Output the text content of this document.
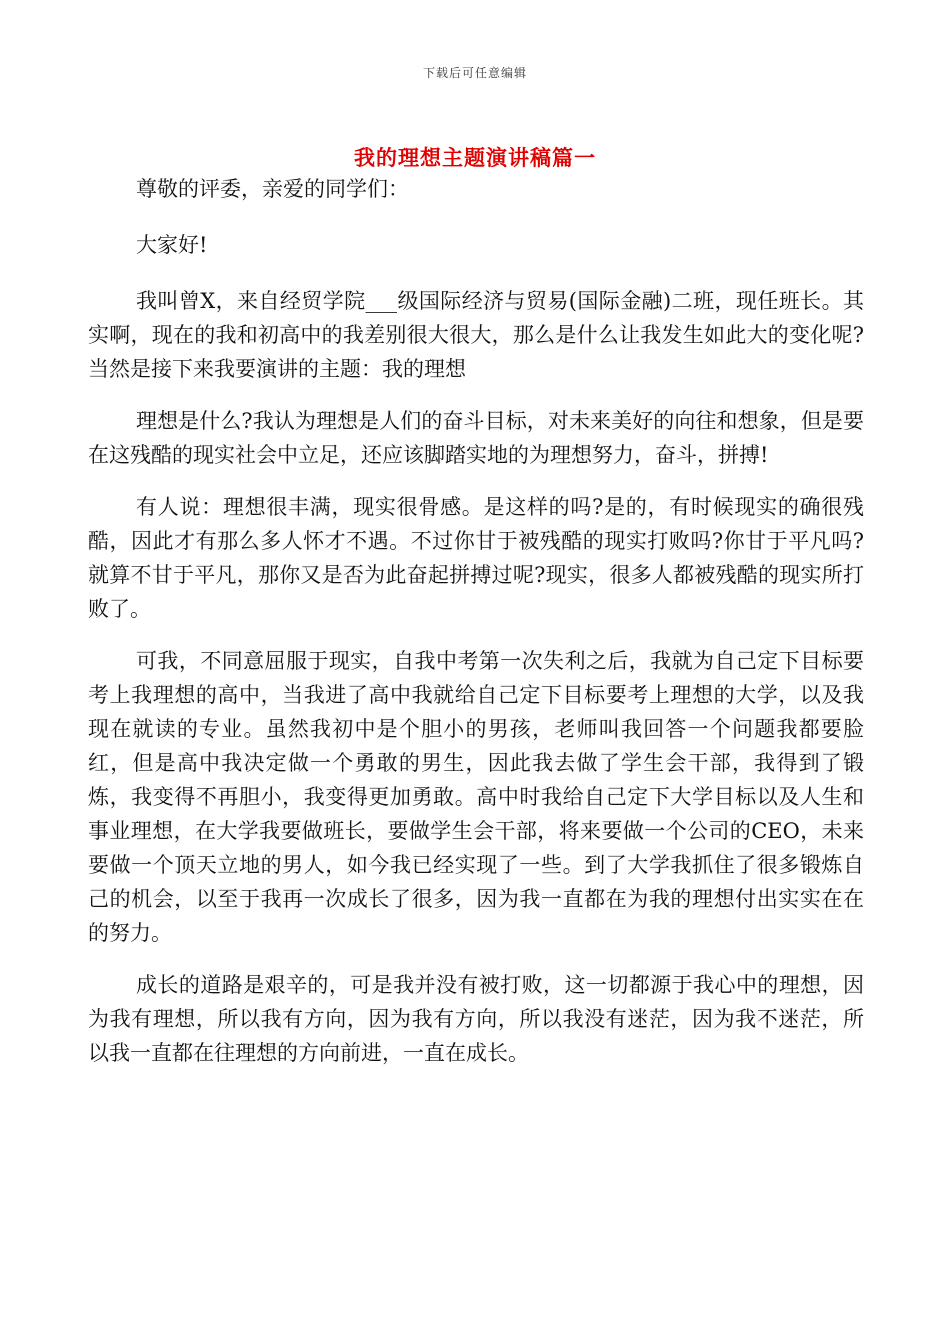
下载后可任意编辑
我的理想主题演讲稿篇一

尊敬的评委，亲爱的同学们：

大家好!

我叫曾X，来自经贸学院___级国际经济与贸易(国际金融)二班，现任班长。其实啊，现在的我和初高中的我差别很大很大，那么是什么让我发生如此大的变化呢?当然是接下来我要演讲的主题：我的理想

理想是什么?我认为理想是人们的奋斗目标，对未来美好的向往和想象，但是要在这残酷的现实社会中立足，还应该脚踏实地的为理想努力，奋斗，拼搏!

有人说：理想很丰满，现实很骨感。是这样的吗?是的，有时候现实的确很残酷，因此才有那么多人怀才不遇。不过你甘于被残酷的现实打败吗?你甘于平凡吗?就算不甘于平凡，那你又是否为此奋起拼搏过呢?现实，很多人都被残酷的现实所打败了。

可我，不同意屈服于现实，自我中考第一次失利之后，我就为自己定下目标要考上我理想的高中，当我进了高中我就给自己定下目标要考上理想的大学，以及我现在就读的专业。虽然我初中是个胆小的男孩，老师叫我回答一个问题我都要脸红，但是高中我决定做一个勇敢的男生，因此我去做了学生会干部，我得到了锻炼，我变得不再胆小，我变得更加勇敢。高中时我给自己定下大学目标以及人生和事业理想，在大学我要做班长，要做学生会干部，将来要做一个公司的CEO，未来要做一个顶天立地的男人，如今我已经实现了一些。到了大学我抓住了很多锻炼自己的机会，以至于我再一次成长了很多，因为我一直都在为我的理想付出实实在在的努力。

成长的道路是艰辛的，可是我并没有被打败，这一切都源于我心中的理想，因为我有理想，所以我有方向，因为我有方向，所以我没有迷茫，因为我不迷茫，所以我一直都在往理想的方向前进，一直在成长。
